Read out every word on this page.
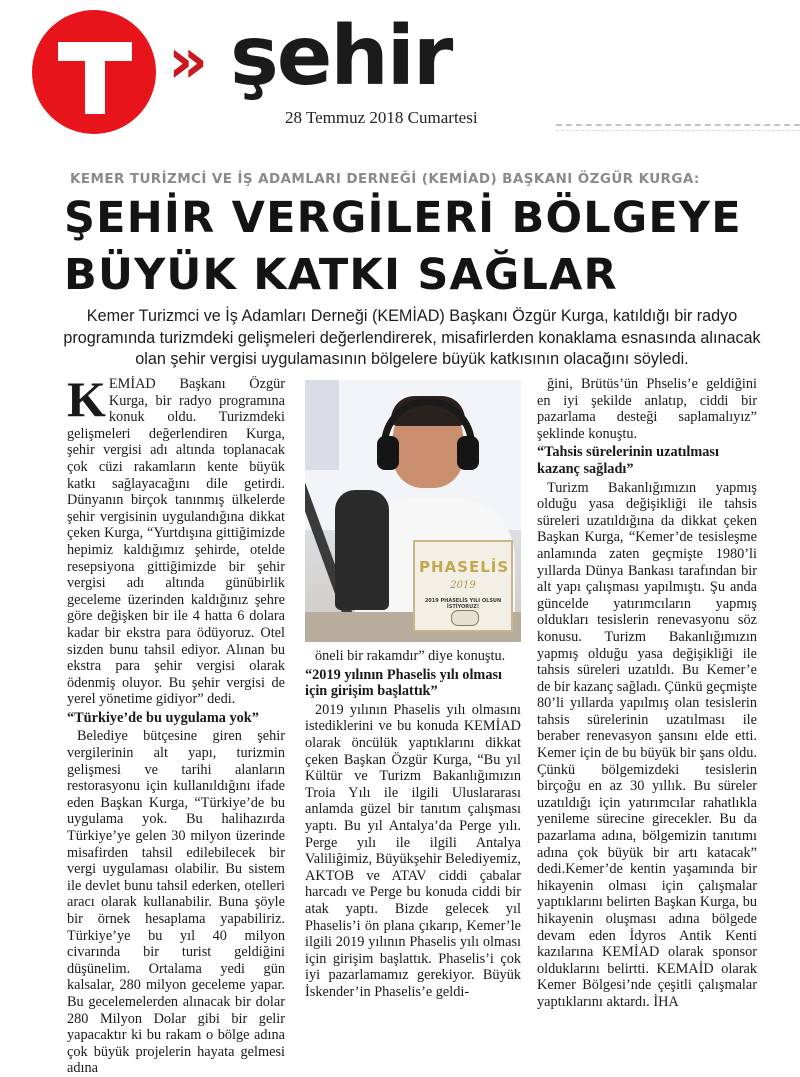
» şehir
28 Temmuz 2018 Cumartesi
KEMER TURİZMCİ VE İŞ ADAMLARI DERNEĞİ (KEMİAD) BAŞKANI ÖZGÜR KURGA:
ŞEHİR VERGİLERİ BÖLGEYE
BÜYÜK KATKI SAĞLAR
Kemer Turizmci ve İş Adamları Derneği (KEMİAD) Başkanı Özgür Kurga, katıldığı bir radyo programında turizmdeki gelişmeleri değerlendirerek, misafirlerden konaklama esnasında alınacak olan şehir vergisi uygulamasının bölgelere büyük katkısının olacağını söyledi.

KEMİAD Başkanı Özgür Kurga, bir radyo programına konuk oldu. Turizmdeki gelişmeleri değerlendiren Kurga, şehir vergisi adı altında toplanacak çok cüzi rakamların kente büyük katkı sağlayacağını dile getirdi. Dünyanın birçok tanınmış ülkelerde şehir vergisinin uygulandığına dikkat çeken Kurga, “Yurtdışına gittiğimizde hepimiz kaldığımız şehirde, otelde resepsiyona gittiğimizde bir şehir vergisi adı altında günübirlik geceleme üzerinden kaldığınız şehre göre değişken bir ile 4 hatta 6 dolara kadar bir ekstra para ödüyoruz. Otel sizden bunu tahsil ediyor. Alınan bu ekstra para şehir vergisi olarak ödenmiş oluyor. Bu şehir vergisi de yerel yönetime gidiyor” dedi.

“Türkiye’de bu uygulama yok”

Belediye bütçesine giren şehir vergilerinin alt yapı, turizmin gelişmesi ve tarihi alanların restorasyonu için kullanıldığını ifade eden Başkan Kurga, “Türkiye’de bu uygulama yok. Bu halihazırda Türkiye’ye gelen 30 milyon üzerinde misafirden tahsil edilebilecek bir vergi uygulaması olabilir. Bu sistem ile devlet bunu tahsil ederken, otelleri aracı olarak kullanabilir. Buna şöyle bir örnek hesaplama yapabiliriz. Türkiye’ye bu yıl 40 milyon civarında bir turist geldiğini düşünelim. Ortalama yedi gün kalsalar, 280 milyon geceleme yapar. Bu gecelemelerden alınacak bir dolar 280 Milyon Dolar gibi bir gelir yapacaktır ki bu rakam o bölge adına çok büyük projelerin hayata gelmesi adına

PHASELİS
2019
2019 PHASELİS YILI OLSUN İSTİYORUZ!

öneli bir rakamdır” diye konuştu.

“2019 yılının Phaselis yılı olması için girişim başlattık”

2019 yılının Phaselis yılı olmasını istediklerini ve bu konuda KEMİAD olarak öncülük yaptıklarını dikkat çeken Başkan Özgür Kurga, “Bu yıl Kültür ve Turizm Bakanlığımızın Troia Yılı ile ilgili Uluslararası anlamda güzel bir tanıtım çalışması yaptı. Bu yıl Antalya’da Perge yılı. Perge yılı ile ilgili Antalya Valiliğimiz, Büyükşehir Belediyemiz, AKTOB ve ATAV ciddi çabalar harcadı ve Perge bu konuda ciddi bir atak yaptı. Bizde gelecek yıl Phaselis’i ön plana çıkarıp, Kemer’le ilgili 2019 yılının Phaselis yılı olması için girişim başlattık. Phaselis’i çok iyi pazarlamamız gerekiyor. Büyük İskender’in Phaselis’e geldi-

ğini, Brütüs’ün Phselis’e geldiğini en iyi şekilde anlatıp, ciddi bir pazarlama desteği saplamalıyız” şeklinde konuştu.

“Tahsis sürelerinin uzatılması kazanç sağladı”

Turizm Bakanlığımızın yapmış olduğu yasa değişikliği ile tahsis süreleri uzatıldığına da dikkat çeken Başkan Kurga, “Kemer’de tesisleşme anlamında zaten geçmişte 1980’li yıllarda Dünya Bankası tarafından bir alt yapı çalışması yapılmıştı. Şu anda güncelde yatırımcıların yapmış oldukları tesislerin renevasyonu söz konusu. Turizm Bakanlığımızın yapmış olduğu yasa değişikliği ile tahsis süreleri uzatıldı. Bu Kemer’e de bir kazanç sağladı. Çünkü geçmişte 80’li yıllarda yapılmış olan tesislerin tahsis sürelerinin uzatılması ile beraber renevasyon şansını elde etti. Kemer için de bu büyük bir şans oldu. Çünkü bölgemizdeki tesislerin birçoğu en az 30 yıllık. Bu süreler uzatıldığı için yatırımcılar rahatlıkla yenileme sürecine girecekler. Bu da pazarlama adına, bölgemizin tanıtımı adına çok büyük bir artı katacak” dedi.Kemer’de kentin yaşamında bir hikayenin olması için çalışmalar yaptıklarını belirten Başkan Kurga, bu hikayenin oluşması adına bölgede devam eden İdyros Antik Kenti kazılarına KEMİAD olarak sponsor olduklarını belirtti. KEMAİD olarak Kemer Bölgesi’nde çeşitli çalışmalar yaptıklarını aktardı. İHA
